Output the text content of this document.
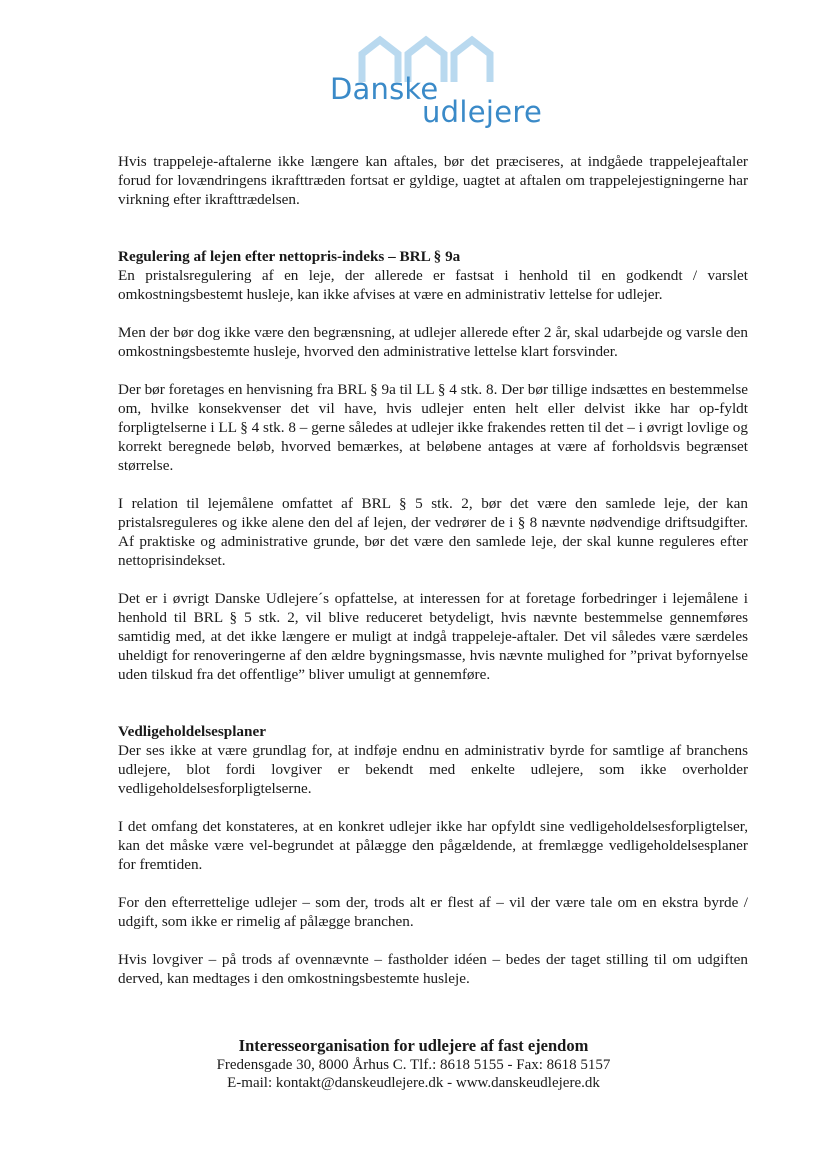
Danske
udlejere

Hvis trappeleje-aftalerne ikke længere kan aftales, bør det præciseres, at indgåede trappelejeaftaler forud for lovændringens ikrafttræden fortsat er gyldige, uagtet at aftalen om trappelejestigningerne har virkning efter ikrafttrædelsen.

Regulering af lejen efter nettopris-indeks – BRL § 9a

En pristalsregulering af en leje, der allerede er fastsat i henhold til en godkendt / varslet omkostningsbestemt husleje, kan ikke afvises at være en administrativ lettelse for udlejer.

Men der bør dog ikke være den begrænsning, at udlejer allerede efter 2 år, skal udarbejde og varsle den omkostningsbestemte husleje, hvorved den administrative lettelse klart forsvinder.

Der bør foretages en henvisning fra BRL § 9a til LL § 4 stk. 8. Der bør tillige indsættes en bestemmelse om, hvilke konsekvenser det vil have, hvis udlejer enten helt eller delvist ikke har op-fyldt forpligtelserne i LL § 4 stk. 8 – gerne således at udlejer ikke frakendes retten til det – i øvrigt lovlige og korrekt beregnede beløb, hvorved bemærkes, at beløbene antages at være af forholdsvis begrænset størrelse.

I relation til lejemålene omfattet af BRL § 5 stk. 2, bør det være den samlede leje, der kan pristalsreguleres og ikke alene den del af lejen, der vedrører de i § 8 nævnte nødvendige driftsudgifter. Af praktiske og administrative grunde, bør det være den samlede leje, der skal kunne reguleres efter nettoprisindekset.

Det er i øvrigt Danske Udlejere´s opfattelse, at interessen for at foretage forbedringer i lejemålene i henhold til BRL § 5 stk. 2, vil blive reduceret betydeligt, hvis nævnte bestemmelse gennemføres samtidig med, at det ikke længere er muligt at indgå trappeleje-aftaler. Det vil således være særdeles uheldigt for renoveringerne af den ældre bygningsmasse, hvis nævnte mulighed for ”privat byfornyelse uden tilskud fra det offentlige” bliver umuligt at gennemføre.

Vedligeholdelsesplaner

Der ses ikke at være grundlag for, at indføje endnu en administrativ byrde for samtlige af branchens udlejere, blot fordi lovgiver er bekendt med enkelte udlejere, som ikke overholder vedligeholdelsesforpligtelserne.

I det omfang det konstateres, at en konkret udlejer ikke har opfyldt sine vedligeholdelsesforpligtelser, kan det måske være vel-begrundet at pålægge den pågældende, at fremlægge vedligeholdelsesplaner for fremtiden.

For den efterrettelige udlejer – som der, trods alt er flest af – vil der være tale om en ekstra byrde / udgift, som ikke er rimelig af pålægge branchen.

Hvis lovgiver – på trods af ovennævnte – fastholder idéen – bedes der taget stilling til om udgiften derved, kan medtages i den omkostningsbestemte husleje.

Interesseorganisation for udlejere af fast ejendom
Fredensgade 30, 8000 Århus C. Tlf.: 8618 5155 - Fax: 8618 5157
E-mail: kontakt@danskeudlejere.dk - www.danskeudlejere.dk
